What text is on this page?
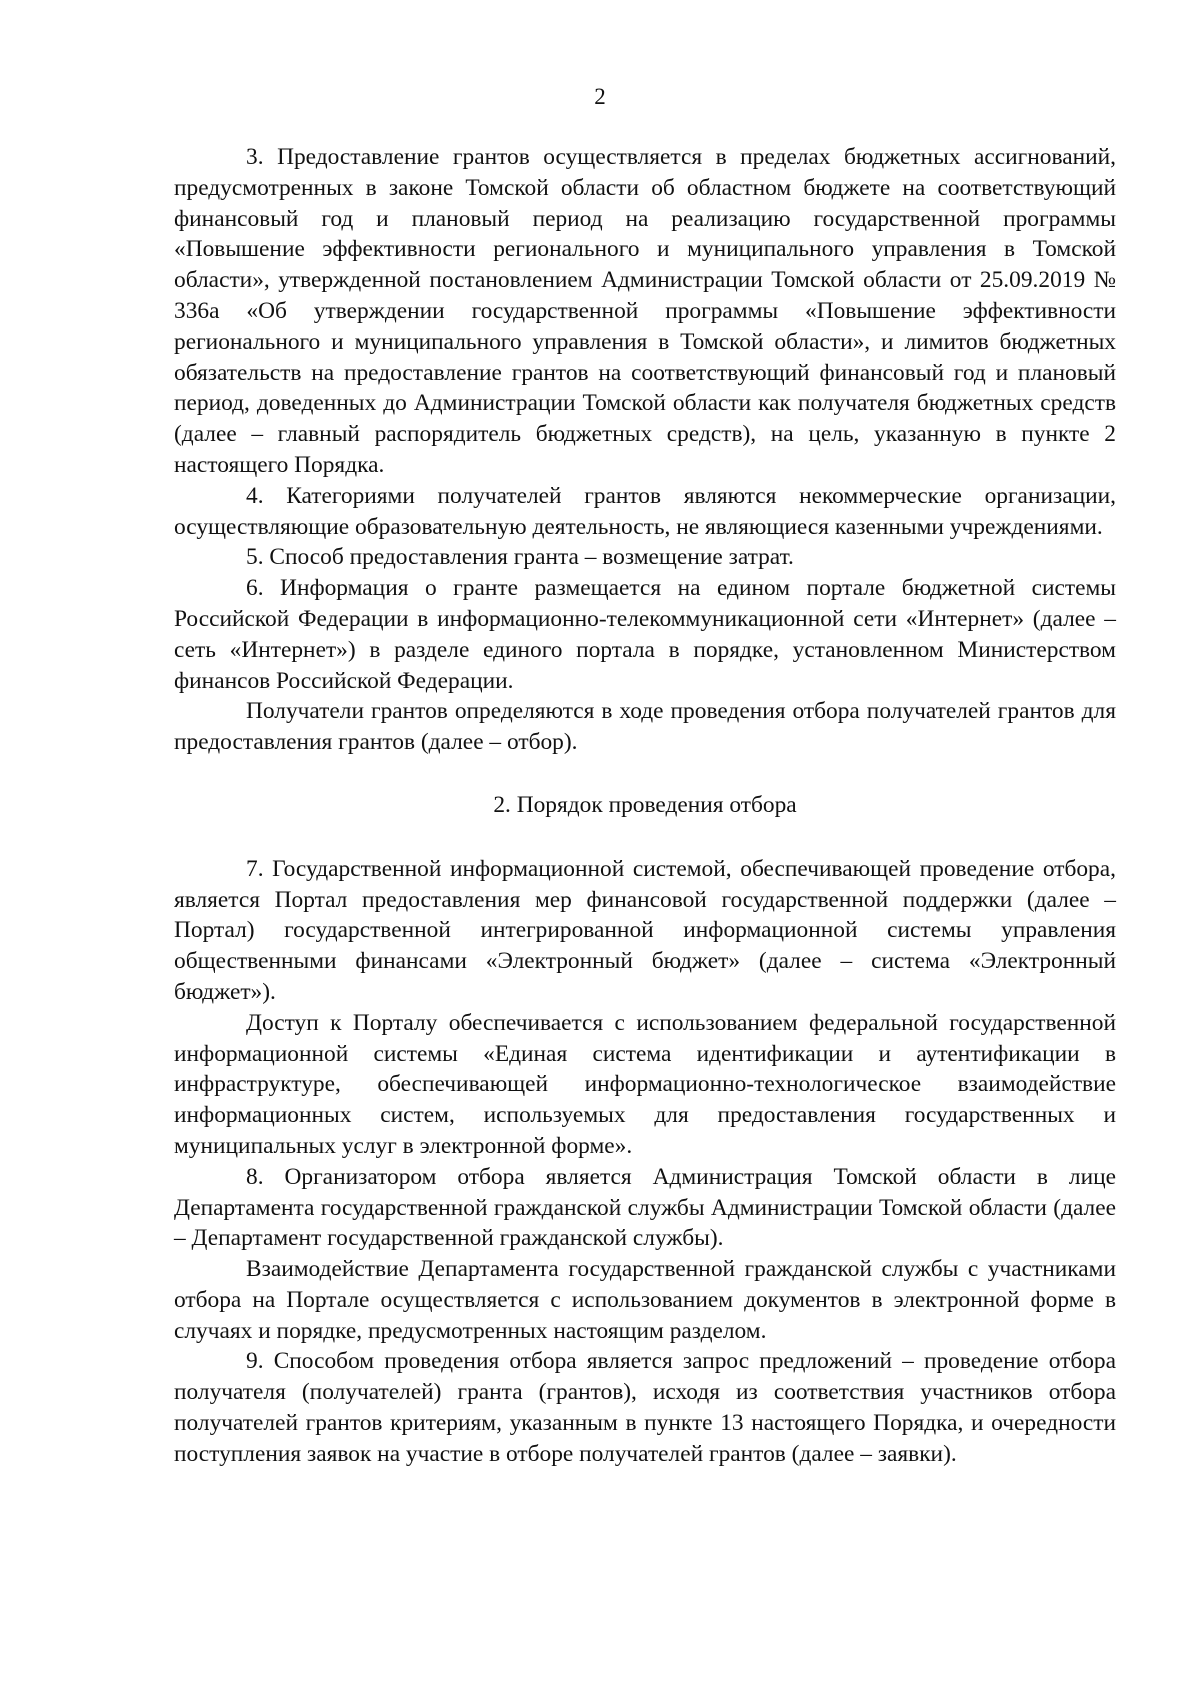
2

3. Предоставление грантов осуществляется в пределах бюджетных ассигнований, предусмотренных в законе Томской области об областном бюджете на соответствующий финансовый год и плановый период на реализацию государственной программы «Повышение эффективности регионального и муниципального управления в Томской области», утвержденной постановлением Администрации Томской области от 25.09.2019 № 336а «Об утверждении государственной программы «Повышение эффективности регионального и муниципального управления в Томской области», и лимитов бюджетных обязательств на предоставление грантов на соответствующий финансовый год и плановый период, доведенных до Администрации Томской области как получателя бюджетных средств (далее – главный распорядитель бюджетных средств), на цель, указанную в пункте 2 настоящего Порядка.

4. Категориями получателей грантов являются некоммерческие организации, осуществляющие образовательную деятельность, не являющиеся казенными учреждениями.

5. Способ предоставления гранта – возмещение затрат.

6. Информация о гранте размещается на едином портале бюджетной системы Российской Федерации в информационно-телекоммуникационной сети «Интернет» (далее – сеть «Интернет») в разделе единого портала в порядке, установленном Министерством финансов Российской Федерации.

Получатели грантов определяются в ходе проведения отбора получателей грантов для предоставления грантов (далее – отбор).

2. Порядок проведения отбора

7. Государственной информационной системой, обеспечивающей проведение отбора, является Портал предоставления мер финансовой государственной поддержки (далее – Портал) государственной интегрированной информационной системы управления общественными финансами «Электронный бюджет» (далее – система «Электронный бюджет»).

Доступ к Порталу обеспечивается с использованием федеральной государственной информационной системы «Единая система идентификации и аутентификации в инфраструктуре, обеспечивающей информационно-технологическое взаимодействие информационных систем, используемых для предоставления государственных и муниципальных услуг в электронной форме».

8. Организатором отбора является Администрация Томской области в лице Департамента государственной гражданской службы Администрации Томской области (далее – Департамент государственной гражданской службы).

Взаимодействие Департамента государственной гражданской службы с участниками отбора на Портале осуществляется с использованием документов в электронной форме в случаях и порядке, предусмотренных настоящим разделом.

9. Способом проведения отбора является запрос предложений – проведение отбора получателя (получателей) гранта (грантов), исходя из соответствия участников отбора получателей грантов критериям, указанным в пункте 13 настоящего Порядка, и очередности поступления заявок на участие в отборе получателей грантов (далее – заявки).
